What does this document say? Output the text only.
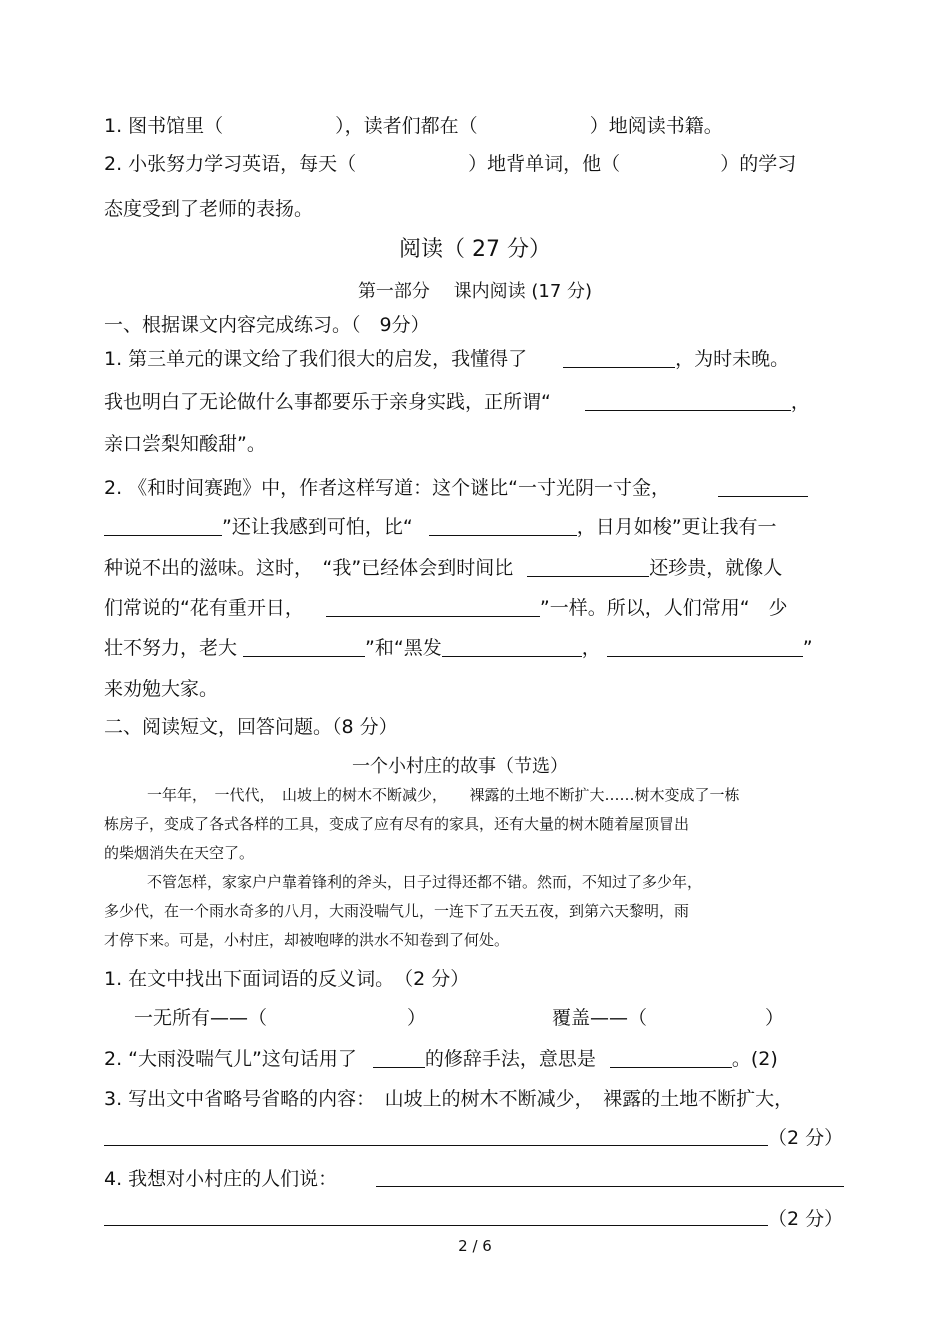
1. 图书馆里（	），读者们都在（	）地阅读书籍。
2. 小张努力学习英语，每天（	）地背单词，他（	）的学习
态度受到了老师的表扬。
阅读（ 27 分）
第一部分　 课内阅读 (17 分)
一、根据课文内容完成练习。（　9分）
1. 第三单元的课文给了我们很大的启发，我懂得了	，为时未晚。
我也明白了无论做什么事都要乐于亲身实践，正所谓“	，
亲口尝梨知酸甜”。
2. 《和时间赛跑》中，作者这样写道：这个谜比“一寸光阴一寸金，
”还让我感到可怕，比“	，日月如梭”更让我有一
种说不出的滋味。这时，　“我”已经体会到时间比	还珍贵，就像人
们常说的“花有重开日，	”一样。所以，人们常用“　少
壮不努力，老大	”和“黑发	，	”
来劝勉大家。
二、阅读短文，回答问题。（8 分）
一个小村庄的故事（节选）
一年年，　一代代，　山坡上的树木不断减少，　　裸露的土地不断扩大……树木变成了一栋
栋房子，变成了各式各样的工具，变成了应有尽有的家具，还有大量的树木随着屋顶冒出
的柴烟消失在天空了。
不管怎样，家家户户靠着锋利的斧头，日子过得还都不错。然而，不知过了多少年，
多少代，在一个雨水奇多的八月，大雨没喘气儿，一连下了五天五夜，到第六天黎明，雨
才停下来。可是，小村庄，却被咆哮的洪水不知卷到了何处。
1. 在文中找出下面词语的反义词。　（2 分）
一无所有——（	）	覆盖——（	）
2. “大雨没喘气儿”这句话用了	的修辞手法，意思是	。(2)
3. 写出文中省略号省略的内容：　山坡上的树木不断减少，　裸露的土地不断扩大，
（2 分）
4. 我想对小村庄的人们说：
（2 分）
2 / 6
